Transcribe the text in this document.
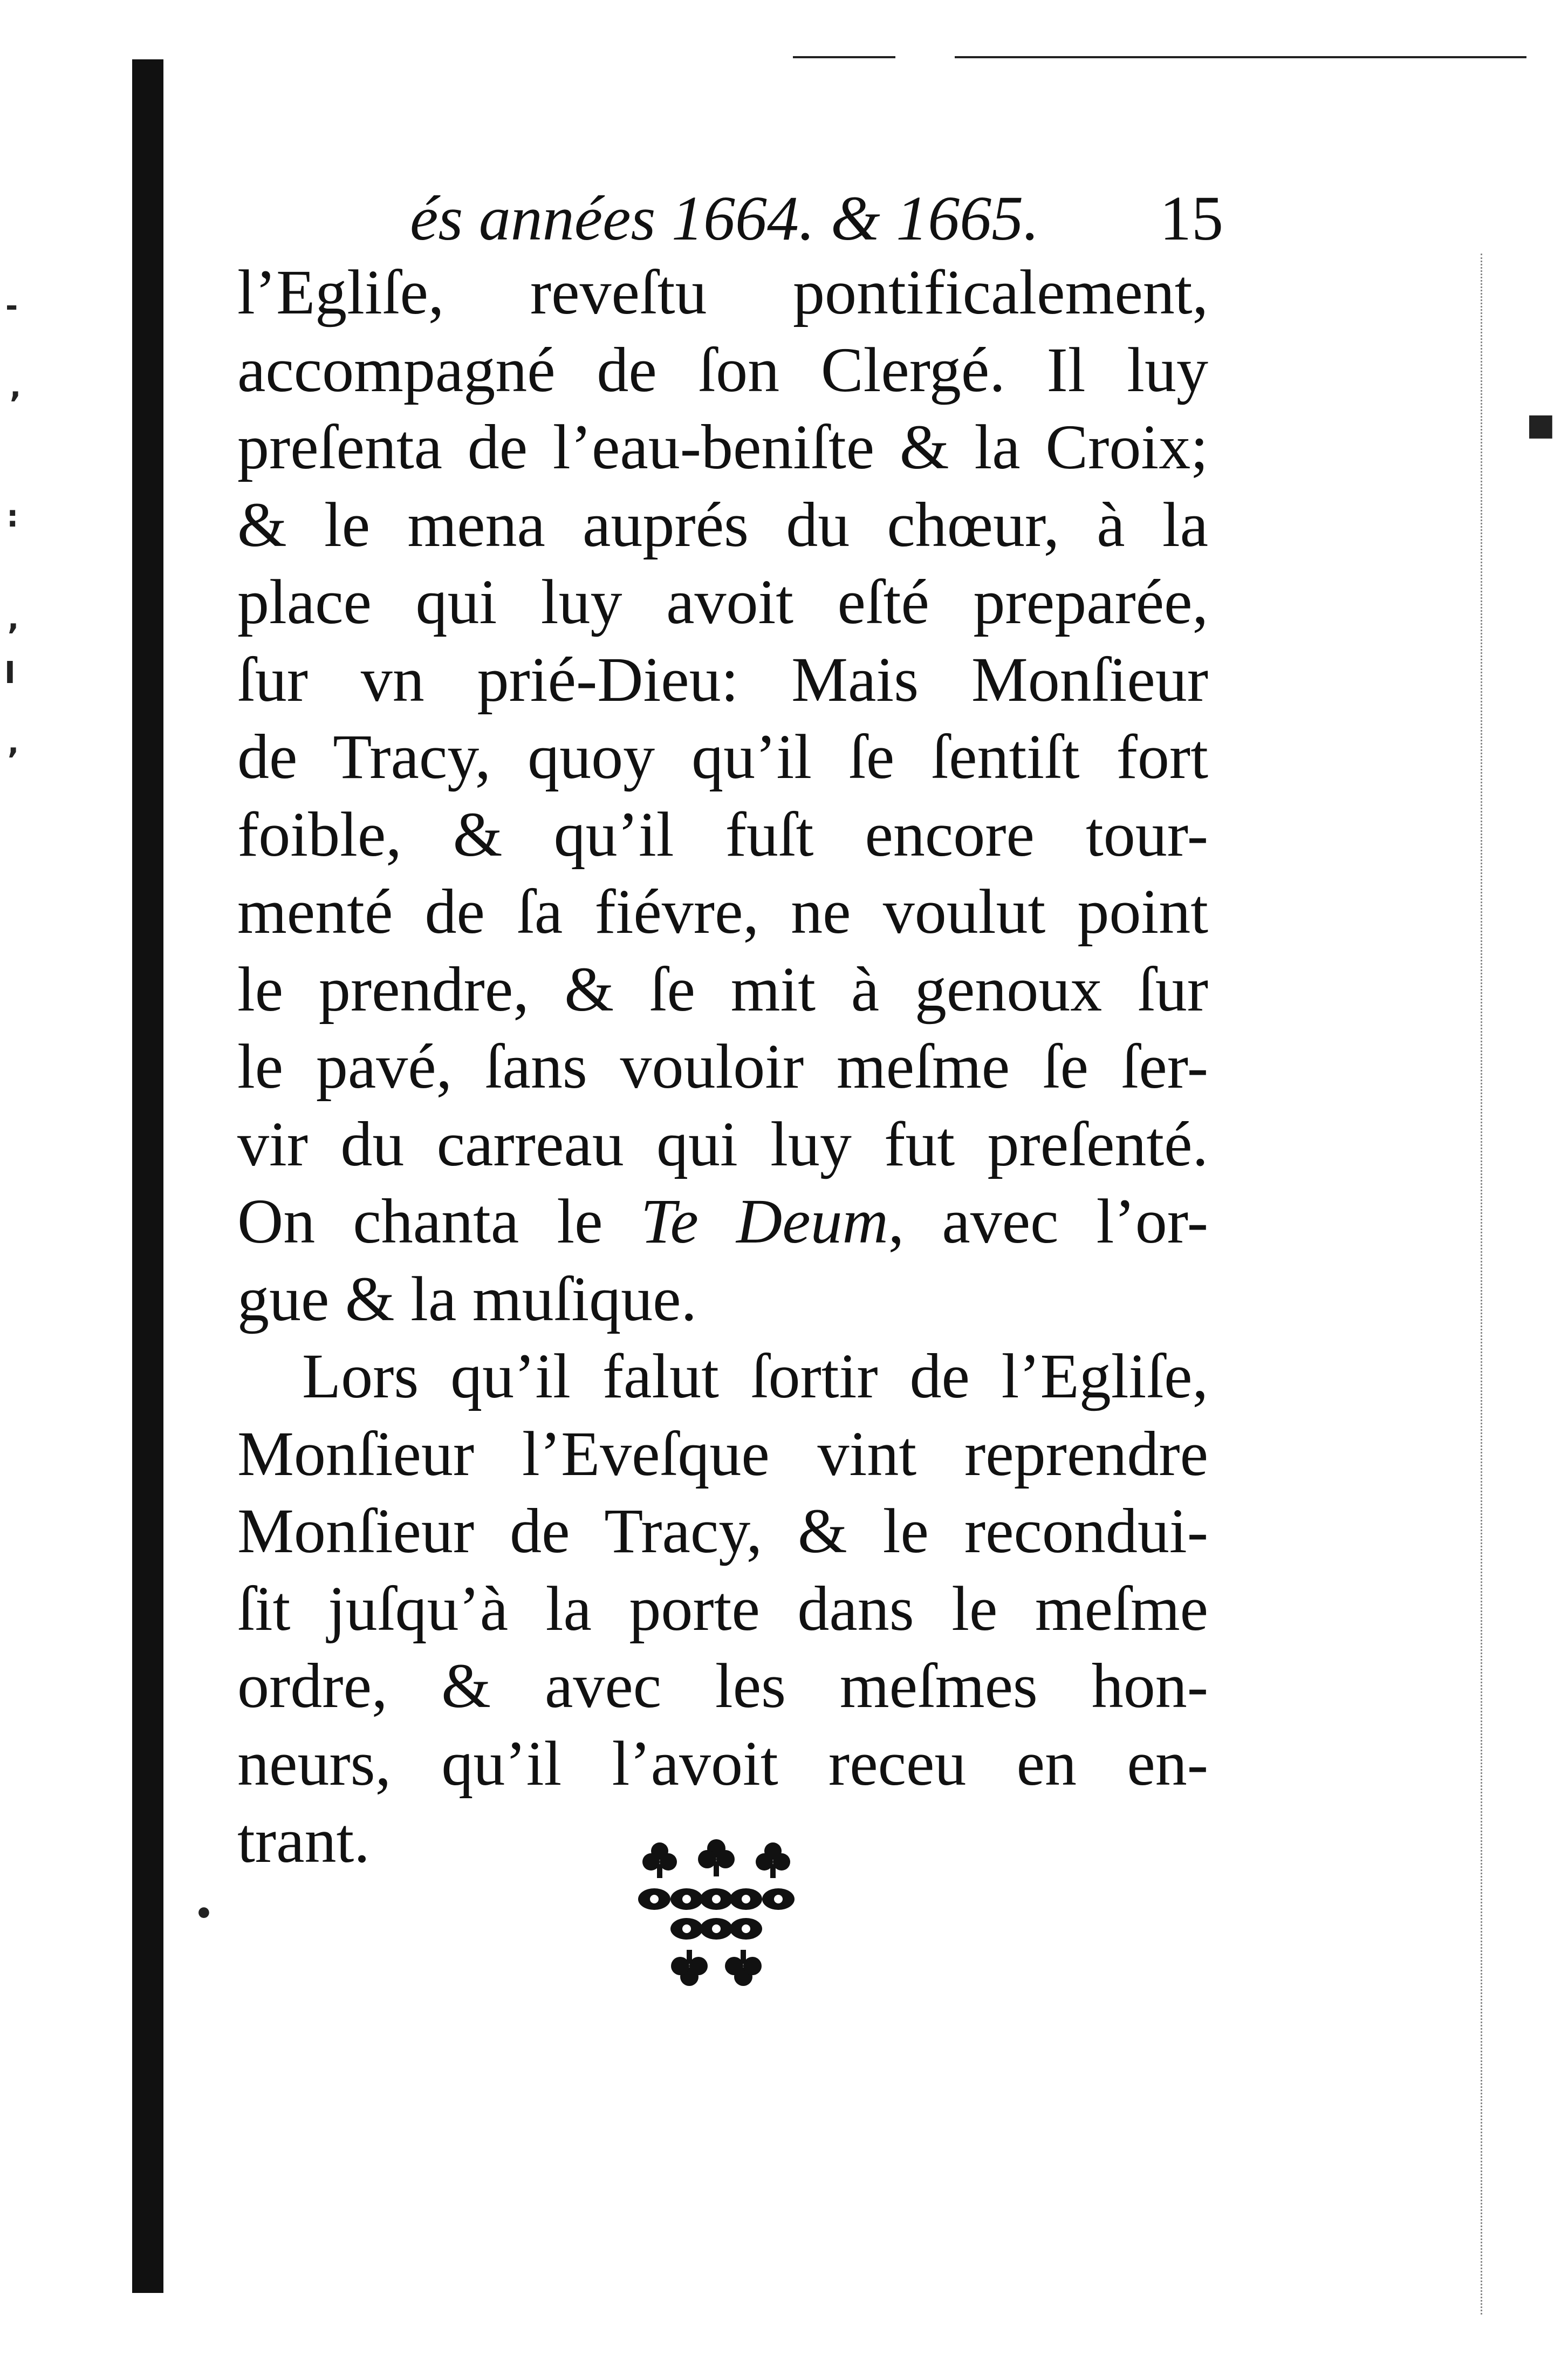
-
,
:
,
I
,
•
■
és années 1664. & 1665.	15
l’Egliſe, reveſtu pontificalement,
accompagné de ſon Clergé. Il luy
preſenta de l’eau-beniſte & la Croix;
& le mena auprés du chœur, à la
place qui luy avoit eſté preparée,
ſur vn prié-Dieu: Mais Monſieur
de Tracy, quoy qu’il ſe ſentiſt fort
foible, & qu’il fuſt encore tour-
menté de ſa fiévre, ne voulut point
le prendre, & ſe mit à genoux ſur
le pavé, ſans vouloir meſme ſe ſer-
vir du carreau qui luy fut preſenté.
On chanta le Te Deum, avec l’or-
gue & la muſique.
Lors qu’il falut ſortir de l’Egliſe,
Monſieur l’Eveſque vint reprendre
Monſieur de Tracy, & le recondui-
ſit juſqu’à la porte dans le meſme
ordre, & avec les meſmes hon-
neurs, qu’il l’avoit receu en en-
trant.
